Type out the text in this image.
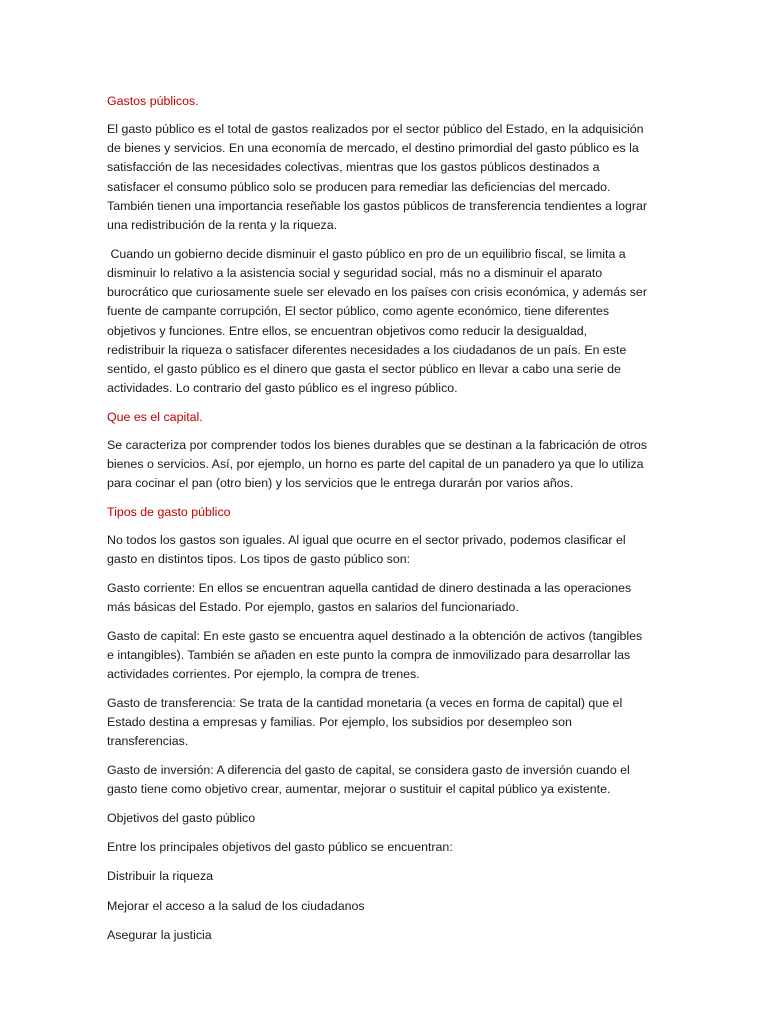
Gastos públicos.

El gasto público es el total de gastos realizados por el sector público del Estado, en la adquisición de bienes y servicios. En una economía de mercado, el destino primordial del gasto público es la satisfacción de las necesidades colectivas, mientras que los gastos públicos destinados a satisfacer el consumo público solo se producen para remediar las deficiencias del mercado. También tienen una importancia reseñable los gastos públicos de transferencia tendientes a lograr una redistribución de la renta y la riqueza.

Cuando un gobierno decide disminuir el gasto público en pro de un equilibrio fiscal, se limita a disminuir lo relativo a la asistencia social y seguridad social, más no a disminuir el aparato burocrático que curiosamente suele ser elevado en los países con crisis económica, y además ser fuente de campante corrupción, El sector público, como agente económico, tiene diferentes objetivos y funciones. Entre ellos, se encuentran objetivos como reducir la desigualdad, redistribuir la riqueza o satisfacer diferentes necesidades a los ciudadanos de un país. En este sentido, el gasto público es el dinero que gasta el sector público en llevar a cabo una serie de actividades. Lo contrario del gasto público es el ingreso público.

Que es el capital.

Se caracteriza por comprender todos los bienes durables que se destinan a la fabricación de otros bienes o servicios. Así, por ejemplo, un horno es parte del capital de un panadero ya que lo utiliza para cocinar el pan (otro bien) y los servicios que le entrega durarán por varios años.

Tipos de gasto público

No todos los gastos son iguales. Al igual que ocurre en el sector privado, podemos clasificar el gasto en distintos tipos. Los tipos de gasto público son:

Gasto corriente: En ellos se encuentran aquella cantidad de dinero destinada a las operaciones más básicas del Estado. Por ejemplo, gastos en salarios del funcionariado.

Gasto de capital: En este gasto se encuentra aquel destinado a la obtención de activos (tangibles e intangibles). También se añaden en este punto la compra de inmovilizado para desarrollar las actividades corrientes. Por ejemplo, la compra de trenes.

Gasto de transferencia: Se trata de la cantidad monetaria (a veces en forma de capital) que el Estado destina a empresas y familias. Por ejemplo, los subsidios por desempleo son transferencias.

Gasto de inversión: A diferencia del gasto de capital, se considera gasto de inversión cuando el gasto tiene como objetivo crear, aumentar, mejorar o sustituir el capital público ya existente.

Objetivos del gasto público

Entre los principales objetivos del gasto público se encuentran:

Distribuir la riqueza

Mejorar el acceso a la salud de los ciudadanos

Asegurar la justicia
